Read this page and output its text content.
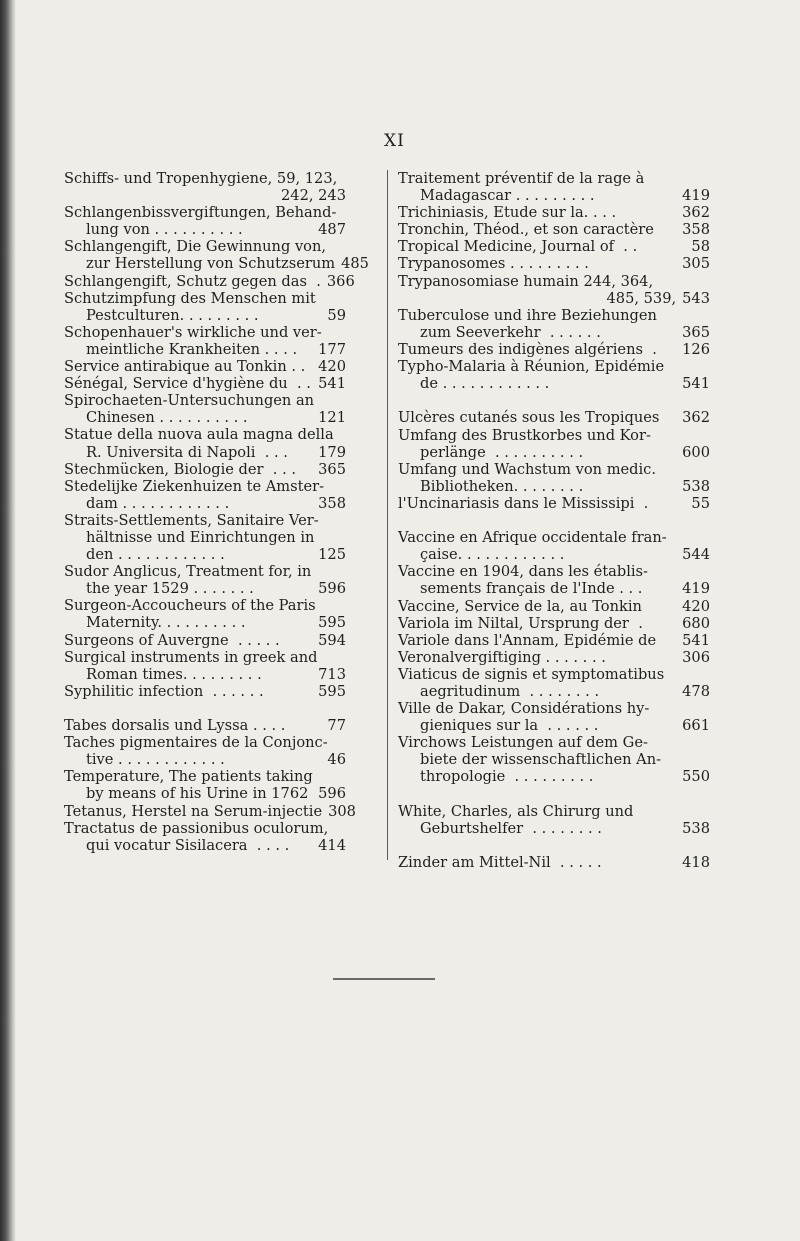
XI
Schiffs- und Tropenhygiene, 59, 123,
242, 243
Schlangenbissvergiftungen, Behand-
lung von . . . . . . . . . .	487
Schlangengift, Die Gewinnung von,
zur Herstellung von Schutzserum 485
Schlangengift, Schutz gegen das  . 366
Schutzimpfung des Menschen mit
Pestculturen. . . . . . . . .	59
Schopenhauer's wirkliche und ver-
meintliche Krankheiten . . . .	177
Service antirabique au Tonkin . . 420
Sénégal, Service d'hygiène du  . . 541
Spirochaeten-Untersuchungen an
Chinesen . . . . . . . . . .	121
Statue della nuova aula magna della
R. Universita di Napoli  . . .	179
Stechmücken, Biologie der  . . .	365
Stedelijke Ziekenhuizen te Amster-
dam . . . . . . . . . . . .	358
Straits-Settlements, Sanitaire Ver-
hältnisse und Einrichtungen in
den . . . . . . . . . . . .	125
Sudor Anglicus, Treatment for, in
the year 1529 . . . . . . .	596
Surgeon-Accoucheurs of the Paris
Maternity. . . . . . . . . .	595
Surgeons of Auvergne  . . . . .	594
Surgical instruments in greek and
Roman times. . . . . . . . .	713
Syphilitic infection  . . . . . .	595
Tabes dorsalis und Lyssa . . . .	77
Taches pigmentaires de la Conjonc-
tive . . . . . . . . . . . .	46
Temperature, The patients taking
by means of his Urine in 1762 596
Tetanus, Herstel na Serum-injectie 308
Tractatus de passionibus oculorum,
qui vocatur Sisilacera  . . . .	414
Traitement préventif de la rage à
Madagascar . . . . . . . . .	419
Trichiniasis, Etude sur la. . . .	362
Tronchin, Théod., et son caractère	358
Tropical Medicine, Journal of  . .	58
Trypanosomes . . . . . . . . .	305
Trypanosomiase humain 244, 364,
485, 539, 543
Tuberculose und ihre Beziehungen
zum Seeverkehr  . . . . . .	365
Tumeurs des indigènes algériens  .	126
Typho-Malaria à Réunion, Epidémie
de . . . . . . . . . . . .	541
Ulcères cutanés sous les Tropiques	362
Umfang des Brustkorbes und Kor-
perlänge  . . . . . . . . . .	600
Umfang und Wachstum von medic.
Bibliotheken. . . . . . . .	538
l'Uncinariasis dans le Mississipi  .	55
Vaccine en Afrique occidentale fran-
çaise. . . . . . . . . . . .	544
Vaccine en 1904, dans les établis-
sements français de l'Inde . . .	419
Vaccine, Service de la, au Tonkin	420
Variola im Niltal, Ursprung der  .	680
Variole dans l'Annam, Epidémie de	541
Veronalvergiftiging . . . . . . .	306
Viaticus de signis et symptomatibus
aegritudinum  . . . . . . . .	478
Ville de Dakar, Considérations hy-
gieniques sur la  . . . . . .	661
Virchows Leistungen auf dem Ge-
biete der wissenschaftlichen An-
thropologie  . . . . . . . . .	550
White, Charles, als Chirurg und
Geburtshelfer  . . . . . . . .	538
Zinder am Mittel-Nil  . . . . .	418
